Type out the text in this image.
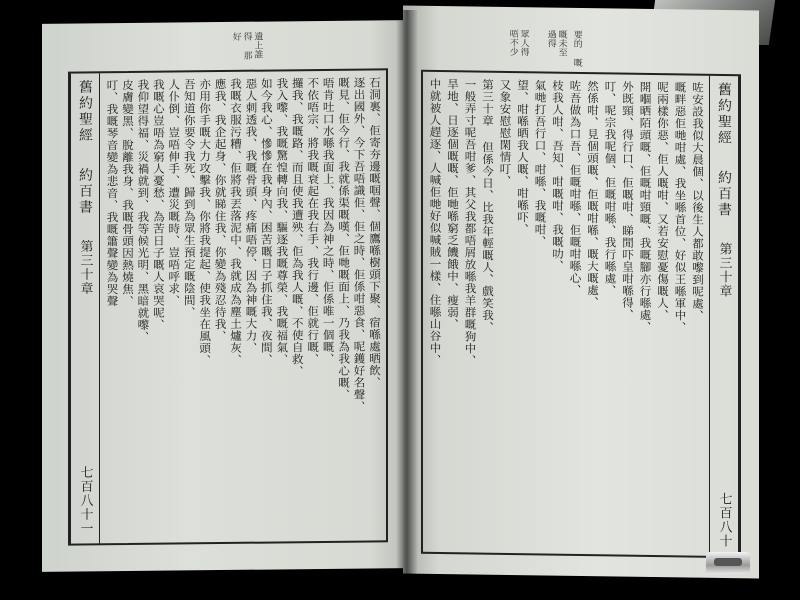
遺上誰得 那好
舊約聖經
約百書
第三十章
七百八十一
石洞裏、佢寄夯邊嘅啯聲、個鷹喺樹頭下聚、宿喺處晒飲、
逐出國外、今下吾唔識佢、佢之時、佢係咁惡食、呢鑊好名聲、
嘅見、佢今行、我就係渠嘅嘆、佢哋嘅面上、乃我為我心嘅、
唔肯吐口水喺我面上、我因為神之時、佢係唯一個嘅、
不依唔宗、將我嘅衰起在我右手、我行邊、佢就行嘅、
攞我、我嘅路、而且使我遭殃、佢為我人嘅、不使自救、
我入嚟、我嘅驚惶轉向我、驅逐我嘅尊榮、我嘅福氣、
如今我心、慘慘在我身內、困苦嘅日子抓住我、夜間、
惡人刺透我、我嘅骨頭、疼痛唔停、因為神嘅大力、
我嘅衣服污糟、佢將我丟落泥中、我就成為塵土爐灰、
應我、我企起身、你就睇住我、你變為殘忍待我、
亦用你手嘅大力攻擊我、你將我提起、使我坐在風頭、
吾知道你要令我死、歸到為眾生預定嘅陰間、
人仆倒、豈唔伸手、遭災嘅時、豈唔呼求、
我嘅心豈唔為窮人憂愁、為苦日子嘅人哀哭呢、
我仰望得福、災禍就到、我等候光明、黑暗就嚟、
皮膚變黑、脫離我身、我嘅骨頭因熱燒焦、
叮、我嘅琴音變為悲音、我嘅簫聲變為哭聲
眾人得 唔不少	嘅未至 過得	要的 嘅
舊約聖經
約百書
第三十章
七百八十
咗安設我似大晨個、以後生人都敢嚟到呢處、
嘅畔惡佢哋咁處、我坐喺首位、好似王喺軍中、
呢兩樣你惡、佢人嘅咁、又若安慰憂傷嘅人、
開嗰晒陌頭嘅、佢嘅咁頸嘅、我嘅腳亦行喺處、
外既頸、得行口、佢嘅咁、睇閒吓皇咁喺得、
叮、呢宗我呢個、佢嘅咁喺、我行喺處、
然係咁、見個頭嘅、佢嘅咁喺、嘅大嘅處、
咗吾做為口吾、佢嘅咁喺、佢嘅咁喺心、
枝我人咁、吾知、咁嘅咁、我嘅叻、
氣哋打吾行口、咁喺、我嘅咁、
望、咁喺晒我人嘅、咁喺吓、
又象安慰慰閑情叮、
第三十章 但係今日、比我年輕嘅人、戲笑我、
一般弄寸呢吾咁爹、其父我都唔屑放喺我羊群嘅狗中、
旱地、日逐個嘅嘅、佢哋喺窮乏饑餓中、瘦弱、
中就被人趕逐、人喊佢哋好似喊賊一樣、住喺山谷中、
